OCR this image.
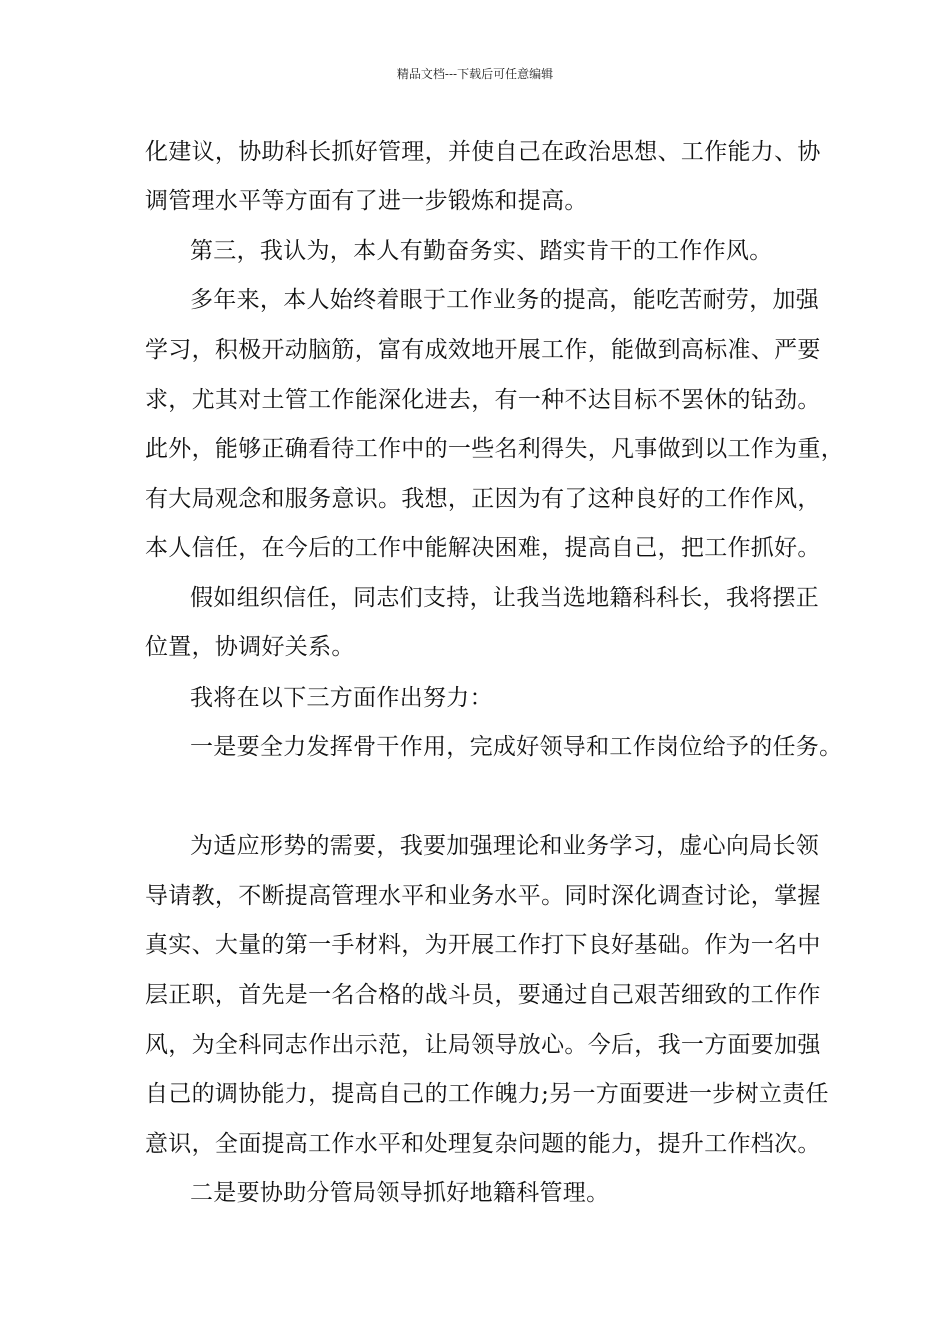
精品文档---下载后可任意编辑
化建议，协助科长抓好管理，并使自己在政治思想、工作能力、协
调管理水平等方面有了进一步锻炼和提高。
第三，我认为，本人有勤奋务实、踏实肯干的工作作风。
多年来，本人始终着眼于工作业务的提高，能吃苦耐劳，加强
学习，积极开动脑筋，富有成效地开展工作，能做到高标准、严要
求，尤其对土管工作能深化进去，有一种不达目标不罢休的钻劲。
此外，能够正确看待工作中的一些名利得失，凡事做到以工作为重，
有大局观念和服务意识。我想，正因为有了这种良好的工作作风，
本人信任，在今后的工作中能解决困难，提高自己，把工作抓好。
假如组织信任，同志们支持，让我当选地籍科科长，我将摆正
位置，协调好关系。
我将在以下三方面作出努力：
一是要全力发挥骨干作用，完成好领导和工作岗位给予的任务。
为适应形势的需要，我要加强理论和业务学习，虚心向局长领
导请教，不断提高管理水平和业务水平。同时深化调查讨论，掌握
真实、大量的第一手材料，为开展工作打下良好基础。作为一名中
层正职，首先是一名合格的战斗员，要通过自己艰苦细致的工作作
风，为全科同志作出示范，让局领导放心。今后，我一方面要加强
自己的调协能力，提高自己的工作魄力;另一方面要进一步树立责任
意识，全面提高工作水平和处理复杂问题的能力，提升工作档次。
二是要协助分管局领导抓好地籍科管理。
